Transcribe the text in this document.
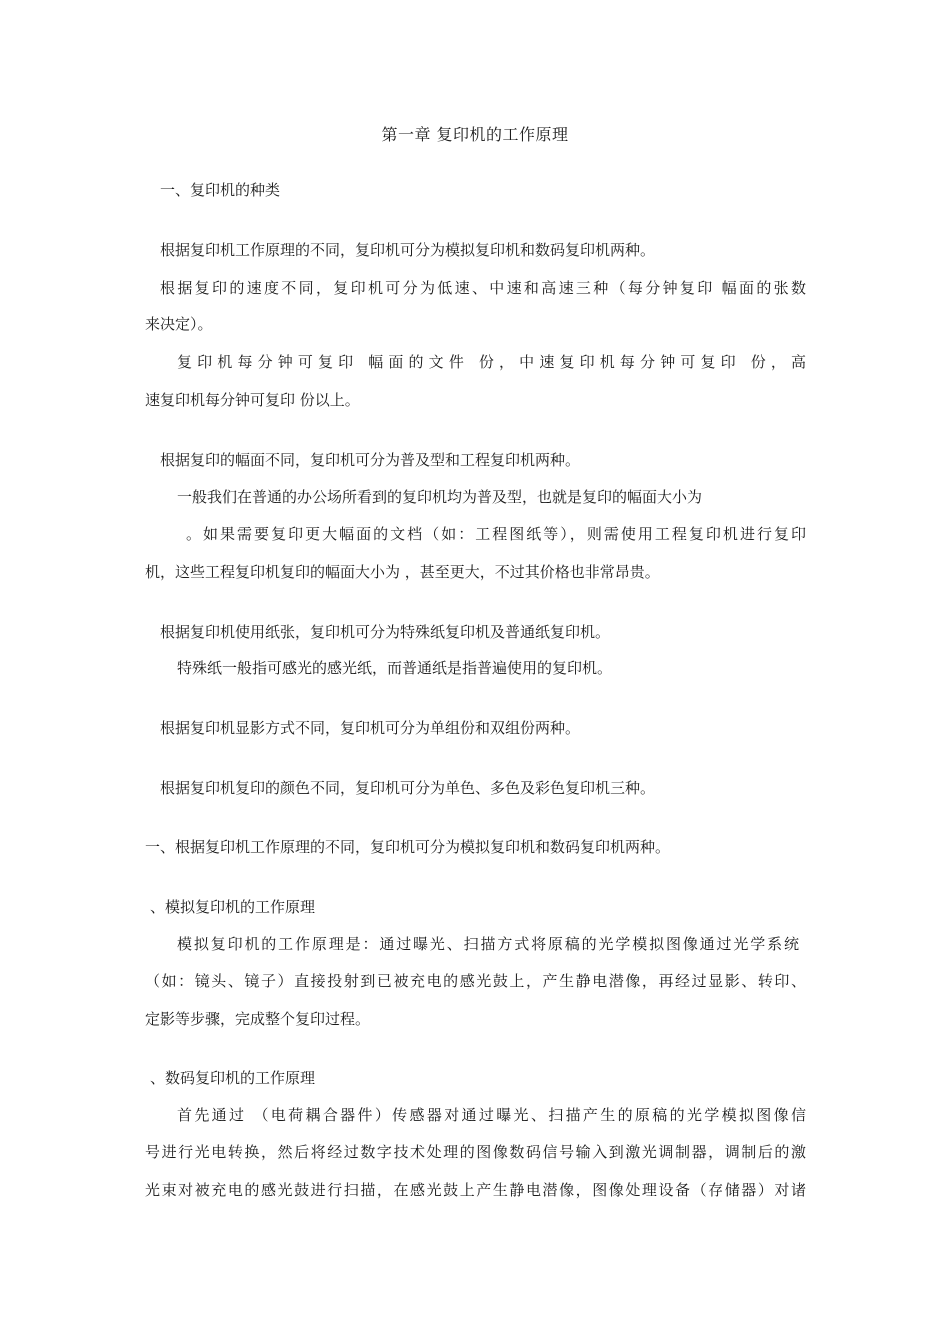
第一章 复印机的工作原理
一、复印机的种类
根据复印机工作原理的不同，复印机可分为模拟复印机和数码复印机两种。
根据复印的速度不同，复印机可分为低速、中速和高速三种（每分钟复印 幅面的张数
来决定）。
复印机每分钟可复印 幅面的文件 份，中速复印机每分钟可复印 份，高
速复印机每分钟可复印 份以上。
根据复印的幅面不同，复印机可分为普及型和工程复印机两种。
一般我们在普通的办公场所看到的复印机均为普及型，也就是复印的幅面大小为
。如果需要复印更大幅面的文档（如：工程图纸等），则需使用工程复印机进行复印
机，这些工程复印机复印的幅面大小为 ，甚至更大，不过其价格也非常昂贵。
根据复印机使用纸张，复印机可分为特殊纸复印机及普通纸复印机。
特殊纸一般指可感光的感光纸，而普通纸是指普遍使用的复印机。
根据复印机显影方式不同，复印机可分为单组份和双组份两种。
根据复印机复印的颜色不同，复印机可分为单色、多色及彩色复印机三种。
一、根据复印机工作原理的不同，复印机可分为模拟复印机和数码复印机两种。
、模拟复印机的工作原理
模拟复印机的工作原理是：通过曝光、扫描方式将原稿的光学模拟图像通过光学系统
（如：镜头、镜子）直接投射到已被充电的感光鼓上，产生静电潜像，再经过显影、转印、
定影等步骤，完成整个复印过程。
、数码复印机的工作原理
首先通过 （电荷耦合器件）传感器对通过曝光、扫描产生的原稿的光学模拟图像信
号进行光电转换，然后将经过数字技术处理的图像数码信号输入到激光调制器，调制后的激
光束对被充电的感光鼓进行扫描，在感光鼓上产生静电潜像，图像处理设备（存储器）对诸
